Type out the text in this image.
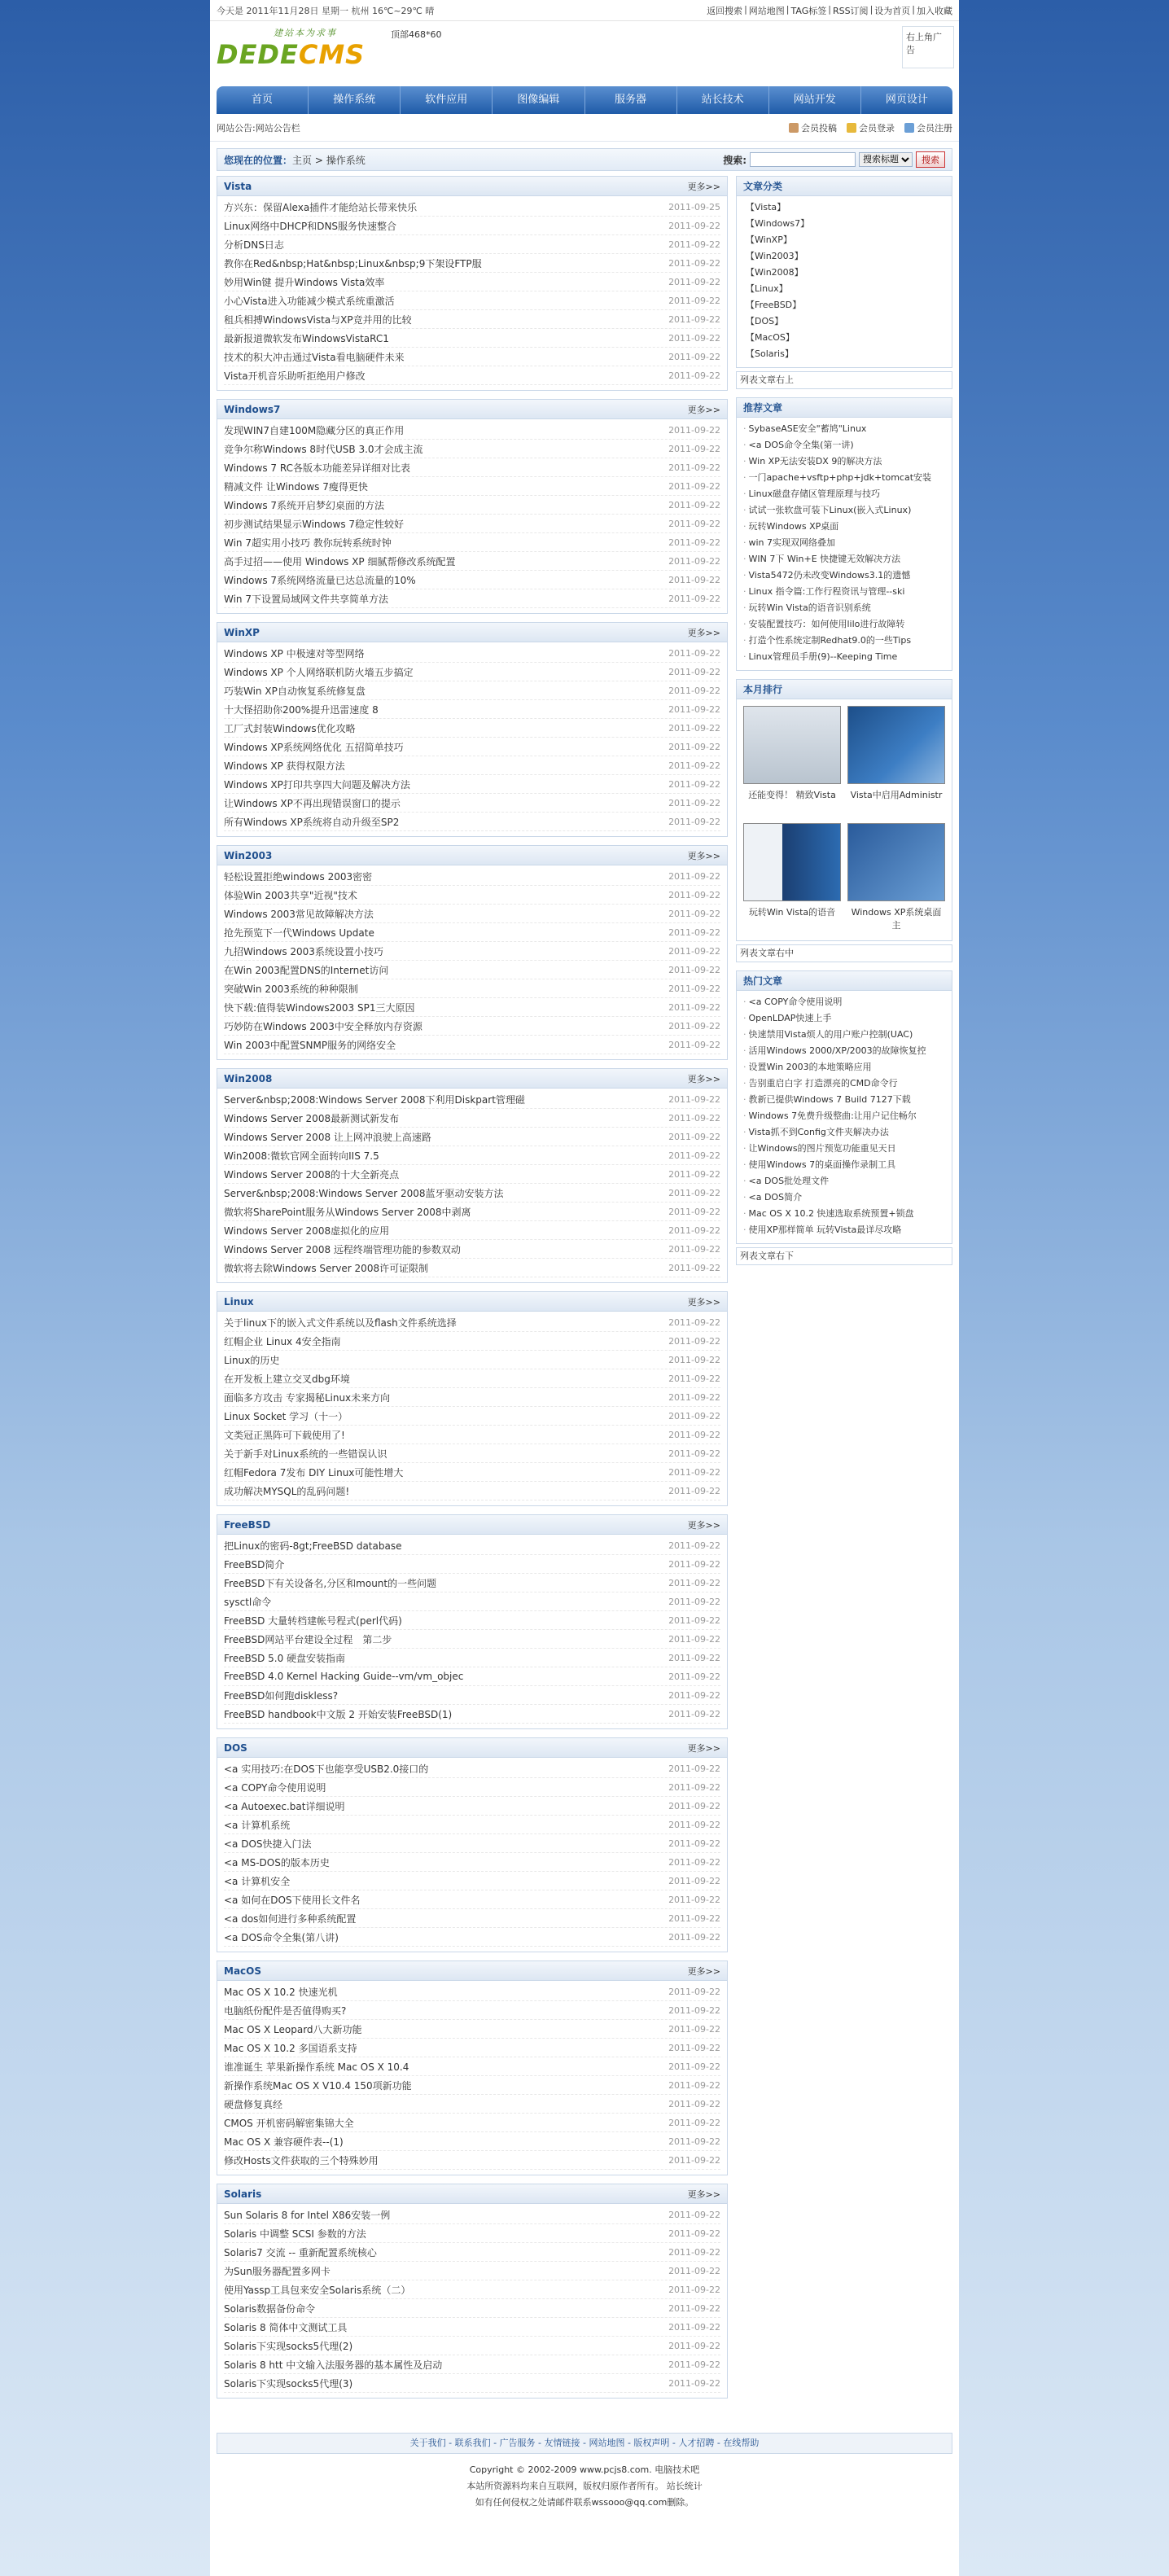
今天是 2011年11月28日 星期一 杭州 16℃~29℃ 晴	返回搜索 | 网站地图 | TAG标签 | RSS订阅 | 设为首页 | 加入收藏
建站本为求事
DEDECMS
顶部468*60	右上角广告
首页	操作系统	软件应用	图像编辑	服务器	站长技术	网站开发	网页设计
网站公告:网站公告栏	会员投稿 会员登录 会员注册
您现在的位置：主页 > 操作系统	搜索:
搜索标题	搜索
Vista	更多>>
方兴东：保留Alexa插件才能给站长带来快乐	2011-09-25
Linux网络中DHCP和DNS服务快速整合	2011-09-22
分析DNS日志	2011-09-22
教你在Red&nbsp;Hat&nbsp;Linux&nbsp;9下架设FTP服	2011-09-22
妙用Win键 提升Windows Vista效率	2011-09-22
小心Vista进入功能减少模式系统重激活	2011-09-22
租兵相搏WindowsVista与XP竞并用的比较	2011-09-22
最新报道微软发布WindowsVistaRC1	2011-09-22
技术的积大冲击通过Vista看电脑硬件未来	2011-09-22
Vista开机音乐助听拒绝用户修改	2011-09-22
Windows7	更多>>
发现WIN7自建100M隐藏分区的真正作用	2011-09-22
竞争尔称Windows 8时代USB 3.0才会成主流	2011-09-22
Windows 7 RC各版本功能差异详细对比表	2011-09-22
精减文件 让Windows 7瘦得更快	2011-09-22
Windows 7系统开启梦幻桌面的方法	2011-09-22
初步测试结果显示Windows 7稳定性较好	2011-09-22
Win 7超实用小技巧 教你玩转系统时钟	2011-09-22
高手过招——使用 Windows XP 细腻帮修改系统配置	2011-09-22
Windows 7系统网络流量已达总流量的10%	2011-09-22
Win 7下设置局域网文件共享简单方法	2011-09-22
WinXP	更多>>
Windows XP 中极速对等型网络	2011-09-22
Windows XP 个人网络联机防火墙五步搞定	2011-09-22
巧装Win XP自动恢复系统修复盘	2011-09-22
十大怪招助你200%提升迅雷速度 8	2011-09-22
工厂式封装Windows优化攻略	2011-09-22
Windows XP系统网络优化 五招简单技巧	2011-09-22
Windows XP 获得权限方法	2011-09-22
Windows XP打印共享四大问题及解决方法	2011-09-22
让Windows XP不再出现错误窗口的提示	2011-09-22
所有Windows XP系统将自动升级至SP2	2011-09-22
Win2003	更多>>
轻松设置拒绝windows 2003密密	2011-09-22
体验Win 2003共享"近视"技术	2011-09-22
Windows 2003常见故障解决方法	2011-09-22
抢先预览下一代Windows Update	2011-09-22
九招Windows 2003系统设置小技巧	2011-09-22
在Win 2003配置DNS的Internet访问	2011-09-22
突破Win 2003系统的种种限制	2011-09-22
快下载:值得装Windows2003 SP1三大原因	2011-09-22
巧妙防在Windows 2003中安全释放内存资源	2011-09-22
Win 2003中配置SNMP服务的网络安全	2011-09-22
Win2008	更多>>
Server&nbsp;2008:Windows Server 2008下利用Diskpart管理磁	2011-09-22
Windows Server 2008最新测试新发布	2011-09-22
Windows Server 2008 让上网冲浪驶上高速路	2011-09-22
Win2008:微软官网全面转向IIS 7.5	2011-09-22
Windows Server 2008的十大全新亮点	2011-09-22
Server&nbsp;2008:Windows Server 2008蓝牙驱动安装方法	2011-09-22
微软将SharePoint服务从Windows Server 2008中剥离	2011-09-22
Windows Server 2008虚拟化的应用	2011-09-22
Windows Server 2008 远程终端管理功能的参数双动	2011-09-22
微软将去除Windows Server 2008许可证限制	2011-09-22
Linux	更多>>
关于linux下的嵌入式文件系统以及flash文件系统选择	2011-09-22
红帽企业 Linux 4安全指南	2011-09-22
Linux的历史	2011-09-22
在开发板上建立交叉dbg环境	2011-09-22
面临多方攻击 专家揭秘Linux未来方向	2011-09-22
Linux Socket 学习（十一）	2011-09-22
文类冠正黑阵可下载使用了!	2011-09-22
关于新手对Linux系统的一些错误认识	2011-09-22
红帽Fedora 7发布 DIY Linux可能性增大	2011-09-22
成功解决MYSQL的乱码问题!	2011-09-22
FreeBSD	更多>>
把Linux的密码-8gt;FreeBSD database	2011-09-22
FreeBSD简介	2011-09-22
FreeBSD下有关设备名,分区和mount的一些问题	2011-09-22
sysctl命令	2011-09-22
FreeBSD 大量转档建帐号程式(perl代码)	2011-09-22
FreeBSD网站平台建设全过程　第二步	2011-09-22
FreeBSD 5.0 硬盘安装指南	2011-09-22
FreeBSD 4.0 Kernel Hacking Guide--vm/vm_objec	2011-09-22
FreeBSD如何跑diskless?	2011-09-22
FreeBSD handbook中文版 2 开始安装FreeBSD(1)	2011-09-22
DOS	更多>>
<a 实用技巧:在DOS下也能享受USB2.0接口的	2011-09-22
<a COPY命令使用说明	2011-09-22
<a Autoexec.bat详细说明	2011-09-22
<a 计算机系统	2011-09-22
<a DOS快捷入门法	2011-09-22
<a MS-DOS的版本历史	2011-09-22
<a 计算机安全	2011-09-22
<a 如何在DOS下使用长文件名	2011-09-22
<a dos如何进行多种系统配置	2011-09-22
<a DOS命令全集(第八讲)	2011-09-22
MacOS	更多>>
Mac OS X 10.2 快速光机	2011-09-22
电脑纸份配件是否值得购买?	2011-09-22
Mac OS X Leopard八大新功能	2011-09-22
Mac OS X 10.2 多国语系支持	2011-09-22
谁准诞生 苹果新操作系统 Mac OS X 10.4	2011-09-22
新操作系统Mac OS X V10.4 150项新功能	2011-09-22
硬盘修复真经	2011-09-22
CMOS 开机密码解密集锦大全	2011-09-22
Mac OS X 兼容硬件表--(1)	2011-09-22
修改Hosts文件获取的三个特殊妙用	2011-09-22
Solaris	更多>>
Sun Solaris 8 for Intel X86安装一例	2011-09-22
Solaris 中调整 SCSI 参数的方法	2011-09-22
Solaris7 交流 -- 重新配置系统核心	2011-09-22
为Sun服务器配置多网卡	2011-09-22
使用Yassp工具包来安全Solaris系统（二）	2011-09-22
Solaris数据备份命令	2011-09-22
Solaris 8 简体中文测试工具	2011-09-22
Solaris下实现socks5代理(2)	2011-09-22
Solaris 8 htt 中文输入法服务器的基本属性及启动	2011-09-22
Solaris下实现socks5代理(3)	2011-09-22
文章分类
【Vista】
【Windows7】
【WinXP】
【Win2003】
【Win2008】
【Linux】
【FreeBSD】
【DOS】
【MacOS】
【Solaris】
列表文章右上
推荐文章
· SybaseASE安全"蓄鸠"Linux
· <a DOS命令全集(第一讲)
· Win XP无法安装DX 9的解决方法
· 一门apache+vsftp+php+jdk+tomcat安装
· Linux磁盘存储区管理原理与技巧
· 试试一张软盘可装下Linux(嵌入式Linux)
· 玩转Windows XP桌面
· win 7实现双网络叠加
· WIN 7下 Win+E 快捷键无效解决方法
· Vista5472仍未改变Windows3.1的遗憾
· Linux 指令篇:工作行程资讯与管理--ski
· 玩转Win Vista的语音识别系统
· 安装配置技巧：如何使用lilo进行故障转
· 打造个性系统定制Redhat9.0的一些Tips
· Linux管理员手册(9)--Keeping Time
本月排行
还能变得！ 精致Vista	Vista中启用Administr
玩转Win Vista的语音	Windows XP系统桌面主
列表文章右中
热门文章
· <a COPY命令使用说明
· OpenLDAP快速上手
· 快速禁用Vista烦人的用户账户控制(UAC)
· 活用Windows 2000/XP/2003的故障恢复控
· 设置Win 2003的本地策略应用
· 告别重启白字 打造漂亮的CMD命令行
· 教新已提供Windows 7 Build 7127下载
· Windows 7免费升级整曲:让用户记住畅尔
· Vista抓不到Config文件夹解决办法
· 让Windows的图片预览功能重见天日
· 使用Windows 7的桌面操作录制工具
· <a DOS批处理文件
· <a DOS简介
· Mac OS X 10.2 快速选取系统预置+锁盘
· 使用XP那样简单 玩转Vista最详尽攻略
列表文章右下
关于我们 - 联系我们 - 广告服务 - 友情链接 - 网站地图 - 版权声明 - 人才招聘 - 在线帮助
Copyright © 2002-2009 www.pcjs8.com. 电脑技术吧
本站所资源料均来自互联网，版权归原作者所有。 站长统计
如有任何侵权之处请邮件联系wssooo@qq.com删除。
